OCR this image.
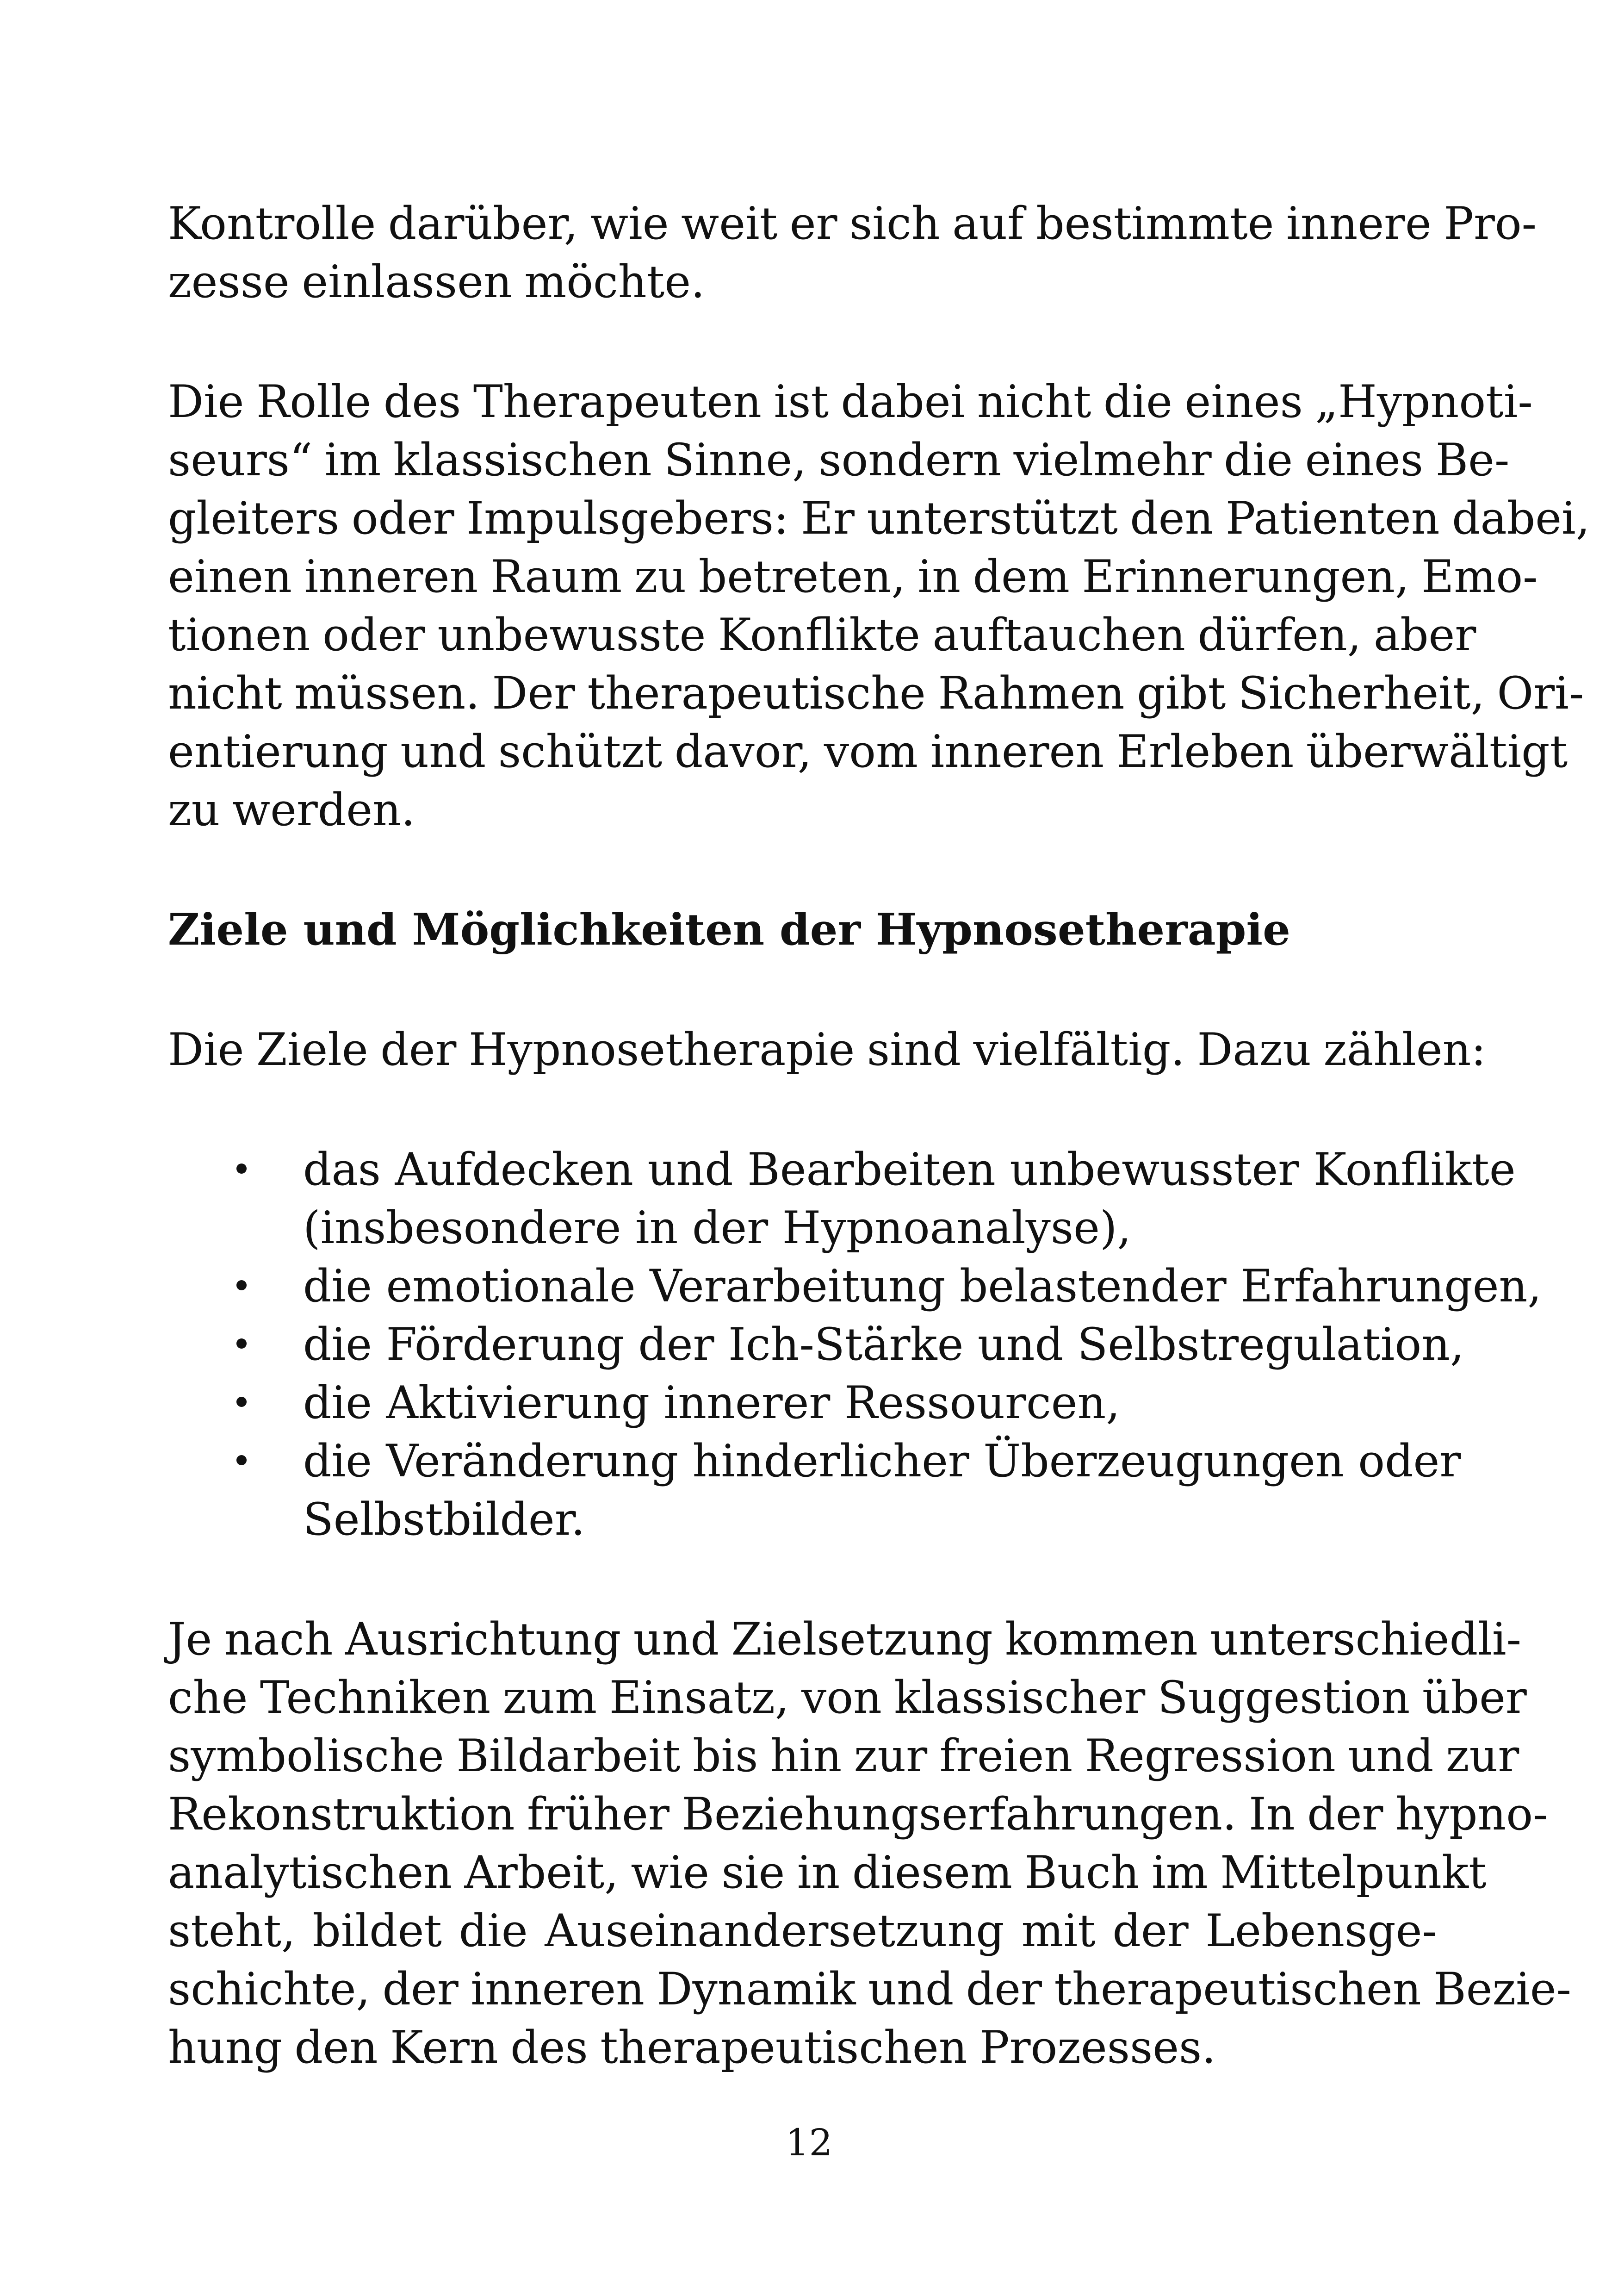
Kontrolle darüber, wie weit er sich auf bestimmte innere Pro-
zesse einlassen möchte.

Die Rolle des Therapeuten ist dabei nicht die eines „Hypnoti-
seurs“ im klassischen Sinne, sondern vielmehr die eines Be-
gleiters oder Impulsgebers: Er unterstützt den Patienten dabei,
einen inneren Raum zu betreten, in dem Erinnerungen, Emo-
tionen oder unbewusste Konflikte auftauchen dürfen, aber
nicht müssen. Der therapeutische Rahmen gibt Sicherheit, Ori-
entierung und schützt davor, vom inneren Erleben überwältigt
zu werden.

Ziele und Möglichkeiten der Hypnosetherapie

Die Ziele der Hypnosetherapie sind vielfältig. Dazu zählen:

das Aufdecken und Bearbeiten unbewusster Konflikte
(insbesondere in der Hypnoanalyse),
die emotionale Verarbeitung belastender Erfahrungen,
die Förderung der Ich-Stärke und Selbstregulation,
die Aktivierung innerer Ressourcen,
die Veränderung hinderlicher Überzeugungen oder
Selbstbilder.

Je nach Ausrichtung und Zielsetzung kommen unterschiedli-
che Techniken zum Einsatz, von klassischer Suggestion über
symbolische Bildarbeit bis hin zur freien Regression und zur
Rekonstruktion früher Beziehungserfahrungen. In der hypno-
analytischen Arbeit, wie sie in diesem Buch im Mittelpunkt
steht, bildet die Auseinandersetzung mit der Lebensge-
schichte, der inneren Dynamik und der therapeutischen Bezie-
hung den Kern des therapeutischen Prozesses.

12
